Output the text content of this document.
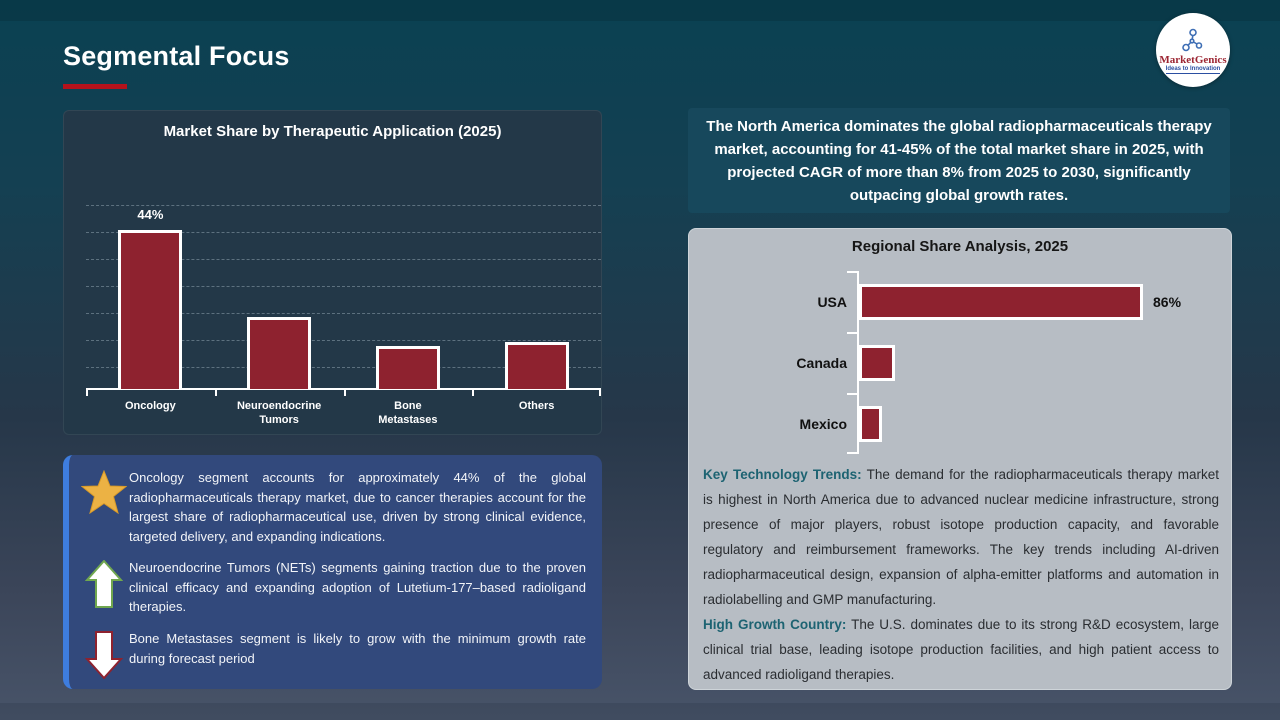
Segmental Focus	MarketGenics
Ideas to Innovation
Market Share by Therapeutic Application (2025)
44%
Oncology	Neuroendocrine
Tumors
Bone
Metastases
Others
Oncology segment accounts for approximately 44% of the global radiopharmaceuticals therapy market, due to cancer therapies account for the largest share of radiopharmaceutical use, driven by strong clinical evidence, targeted delivery, and expanding indications.
Neuroendocrine Tumors (NETs) segments gaining traction due to the proven clinical efficacy and expanding adoption of Lutetium-177–based radioligand therapies.
Bone Metastases segment is likely to grow with the minimum growth rate during forecast period
The North America dominates the global radiopharmaceuticals therapy market, accounting for 41-45% of the total market share in 2025, with projected CAGR of more than 8% from 2025 to 2030, significantly outpacing global growth rates.
Regional Share Analysis, 2025
USA	86%
Canada
Mexico

Key Technology Trends: The demand for the radiopharmaceuticals therapy market is highest in North America due to advanced nuclear medicine infrastructure, strong presence of major players, robust isotope production capacity, and favorable regulatory and reimbursement frameworks. The key trends including AI-driven radiopharmaceutical design, expansion of alpha-emitter platforms and automation in radiolabelling and GMP manufacturing.

High Growth Country: The U.S. dominates due to its strong R&D ecosystem, large clinical trial base, leading isotope production facilities, and high patient access to advanced radioligand therapies.
